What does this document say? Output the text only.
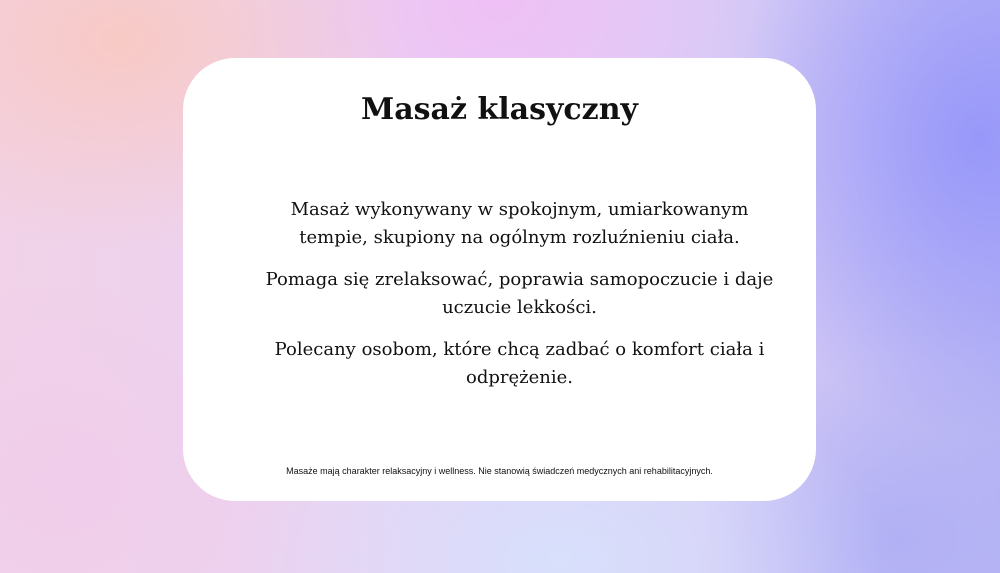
Masaż klasyczny

Masaż wykonywany w spokojnym, umiarkowanym tempie, skupiony na ogólnym rozluźnieniu ciała.

Pomaga się zrelaksować, poprawia samopoczucie i daje uczucie lekkości.

Polecany osobom, które chcą zadbać o komfort ciała i odprężenie.

Masaże mają charakter relaksacyjny i wellness. Nie stanowią świadczeń medycznych ani rehabilitacyjnych.
